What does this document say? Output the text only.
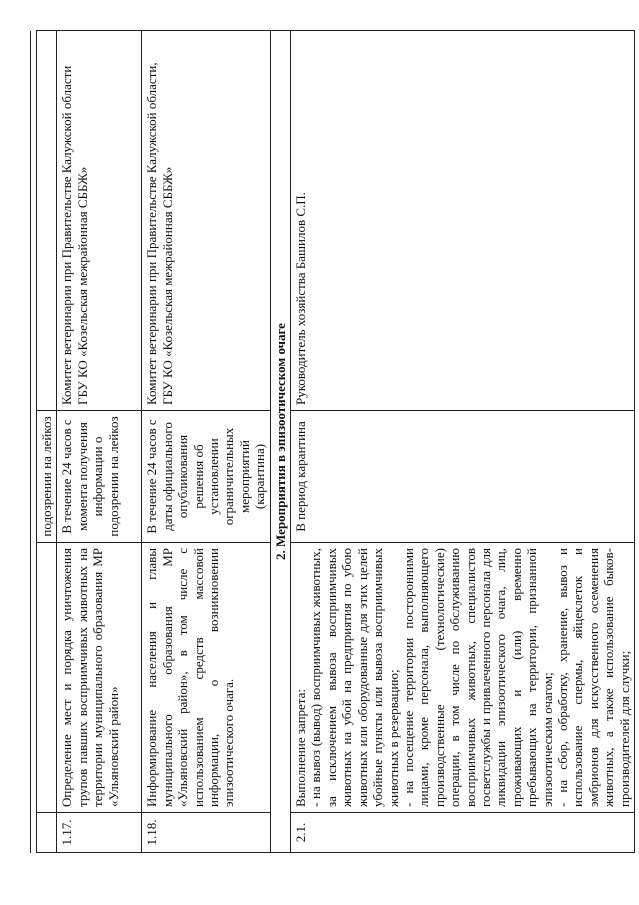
		подозрении на лейкоз	
1.17.	Определение мест и порядка уничтожения трупов павших восприимчивых животных на территории муниципального образования МР «Ульяновский район»	В течение 24 часов с момента получения информации о подозрении на лейкоз	Комитет ветеринарии при Правительстве Калужской области ГБУ КО «Козельская межрайонная СББЖ»

1.18.	Информирование населения и главы муниципального образования МР «Ульяновский район», в том числе с использованием средств массовой информации, о возникновении эпизоотического очага.	В течение 24 часов с даты официального опубликования решения об установлении ограничительных мероприятий (карантина)	Комитет ветеринарии при Правительстве Калужской области, ГБУ КО «Козельская межрайонная СББЖ»

2. Мероприятия в эпизоотическом очаге			
2.1.	Выполнение запрета: - на вывоз (вывод) восприимчивых животных, за исключением вывоза восприимчивых животных на убой на предприятия по убою животных или оборудованные для этих целей убойные пункты или вывоза восприимчивых животных в резервацию; - на посещение территории посторонними лицами, кроме персонала, выполняющего производственные (технологические) операции, в том числе по обслуживанию восприимчивых животных, специалистов госветслужбы и привлеченного персонала для ликвидации эпизоотического очага, лиц, проживающих и (или) временно пребывающих на территории, признанной эпизоотическим очагом; - на сбор, обработку, хранение, вывоз и использование спермы, яйцеклеток и эмбрионов для искусственного осеменения животных, а также использование быков-производителей для случки;	В период карантина	Руководитель хозяйства Башилов С.П.
